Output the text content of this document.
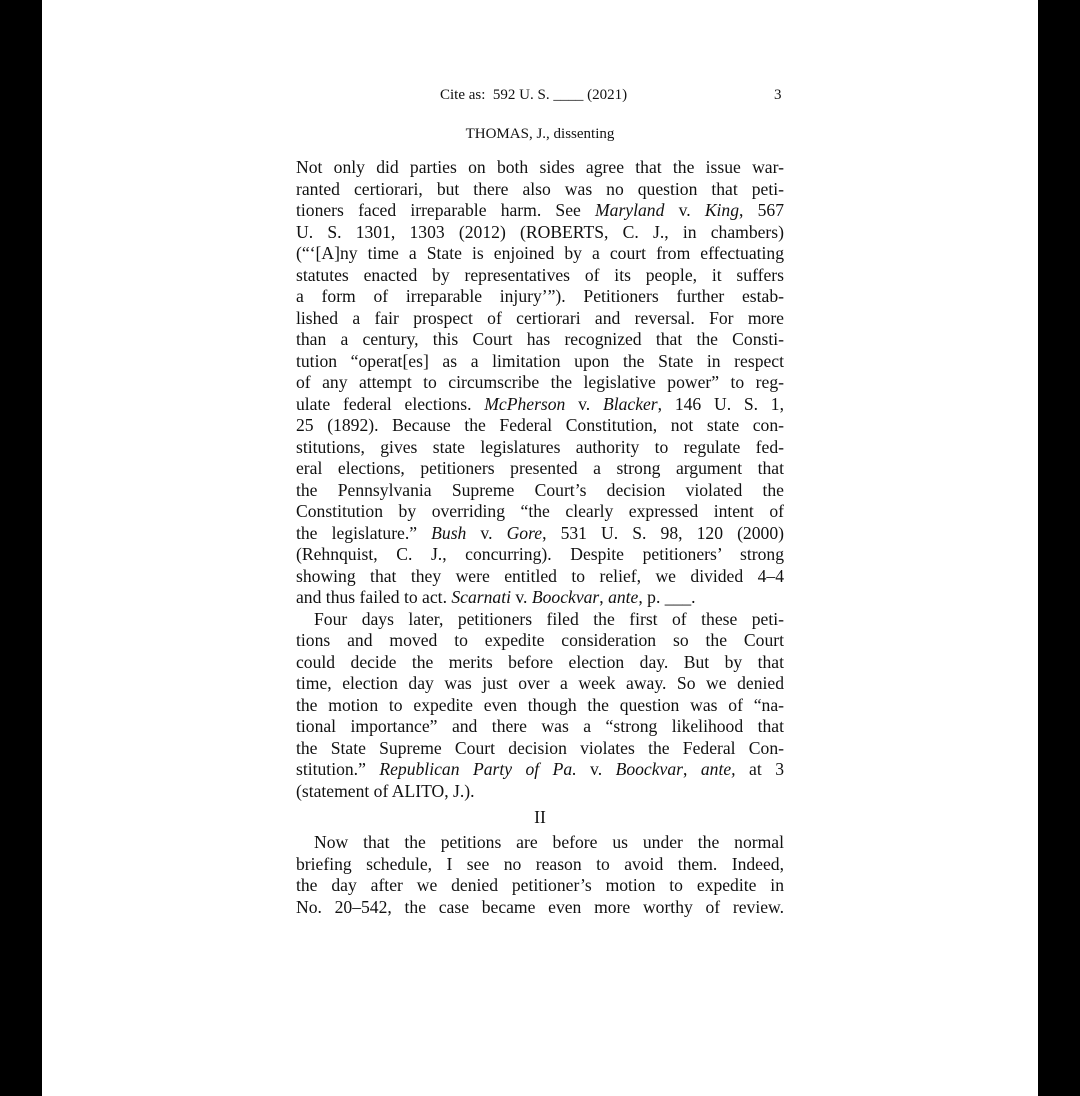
Cite as:  592 U. S. ____ (2021)	3
THOMAS, J., dissenting
Not only did parties on both sides agree that the issue war-
ranted certiorari, but there also was no question that peti-
tioners faced irreparable harm. See Maryland v. King, 567
U. S. 1301, 1303 (2012) (ROBERTS, C. J., in chambers)
(“‘[A]ny time a State is enjoined by a court from effectuating
statutes enacted by representatives of its people, it suffers
a form of irreparable injury’”). Petitioners further estab-
lished a fair prospect of certiorari and reversal. For more
than a century, this Court has recognized that the Consti-
tution “operat[es] as a limitation upon the State in respect
of any attempt to circumscribe the legislative power” to reg-
ulate federal elections. McPherson v. Blacker, 146 U. S. 1,
25 (1892). Because the Federal Constitution, not state con-
stitutions, gives state legislatures authority to regulate fed-
eral elections, petitioners presented a strong argument that
the Pennsylvania Supreme Court’s decision violated the
Constitution by overriding “the clearly expressed intent of
the legislature.” Bush v. Gore, 531 U. S. 98, 120 (2000)
(Rehnquist, C. J., concurring). Despite petitioners’ strong
showing that they were entitled to relief, we divided 4–4
and thus failed to act. Scarnati v. Boockvar, ante, p. ___.
Four days later, petitioners filed the first of these peti-
tions and moved to expedite consideration so the Court
could decide the merits before election day. But by that
time, election day was just over a week away. So we denied
the motion to expedite even though the question was of “na-
tional importance” and there was a “strong likelihood that
the State Supreme Court decision violates the Federal Con-
stitution.” Republican Party of Pa. v. Boockvar, ante, at 3
(statement of ALITO, J.).
II
Now that the petitions are before us under the normal
briefing schedule, I see no reason to avoid them. Indeed,
the day after we denied petitioner’s motion to expedite in
No. 20–542, the case became even more worthy of review.
